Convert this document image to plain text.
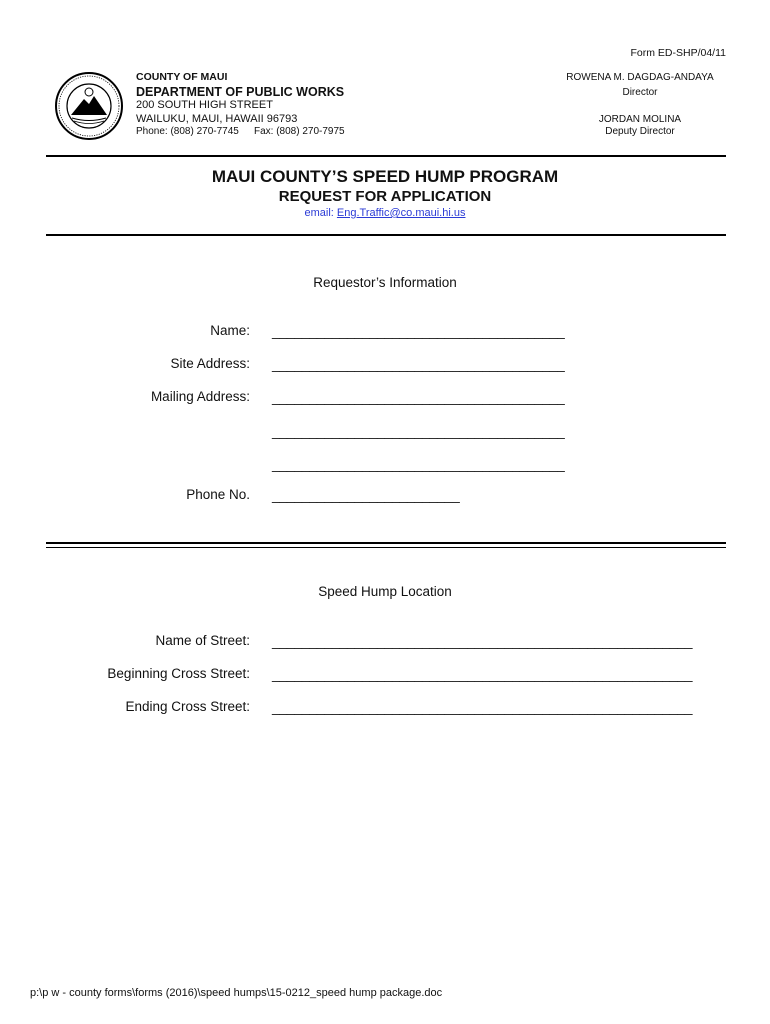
Form ED-SHP/04/11
COUNTY OF MAUI
DEPARTMENT OF PUBLIC WORKS
200 SOUTH HIGH STREET
WAILUKU, MAUI, HAWAII 96793
Phone: (808) 270-7745 Fax: (808) 270-7975
ROWENA M. DAGDAG-ANDAYA
Director
JORDAN MOLINA
Deputy Director
MAUI COUNTY’S SPEED HUMP PROGRAM
REQUEST FOR APPLICATION
email: Eng.Traffic@co.maui.hi.us
Requestor’s Information
Name: _______________________________________
Site Address: _______________________________________
Mailing Address: _______________________________________
_______________________________________
_______________________________________
Phone No. _________________________
Speed Hump Location
Name of Street: ________________________________________________________
Beginning Cross Street: ________________________________________________________
Ending Cross Street: ________________________________________________________
p:\p w - county forms\forms (2016)\speed humps\15-0212_speed hump package.doc
